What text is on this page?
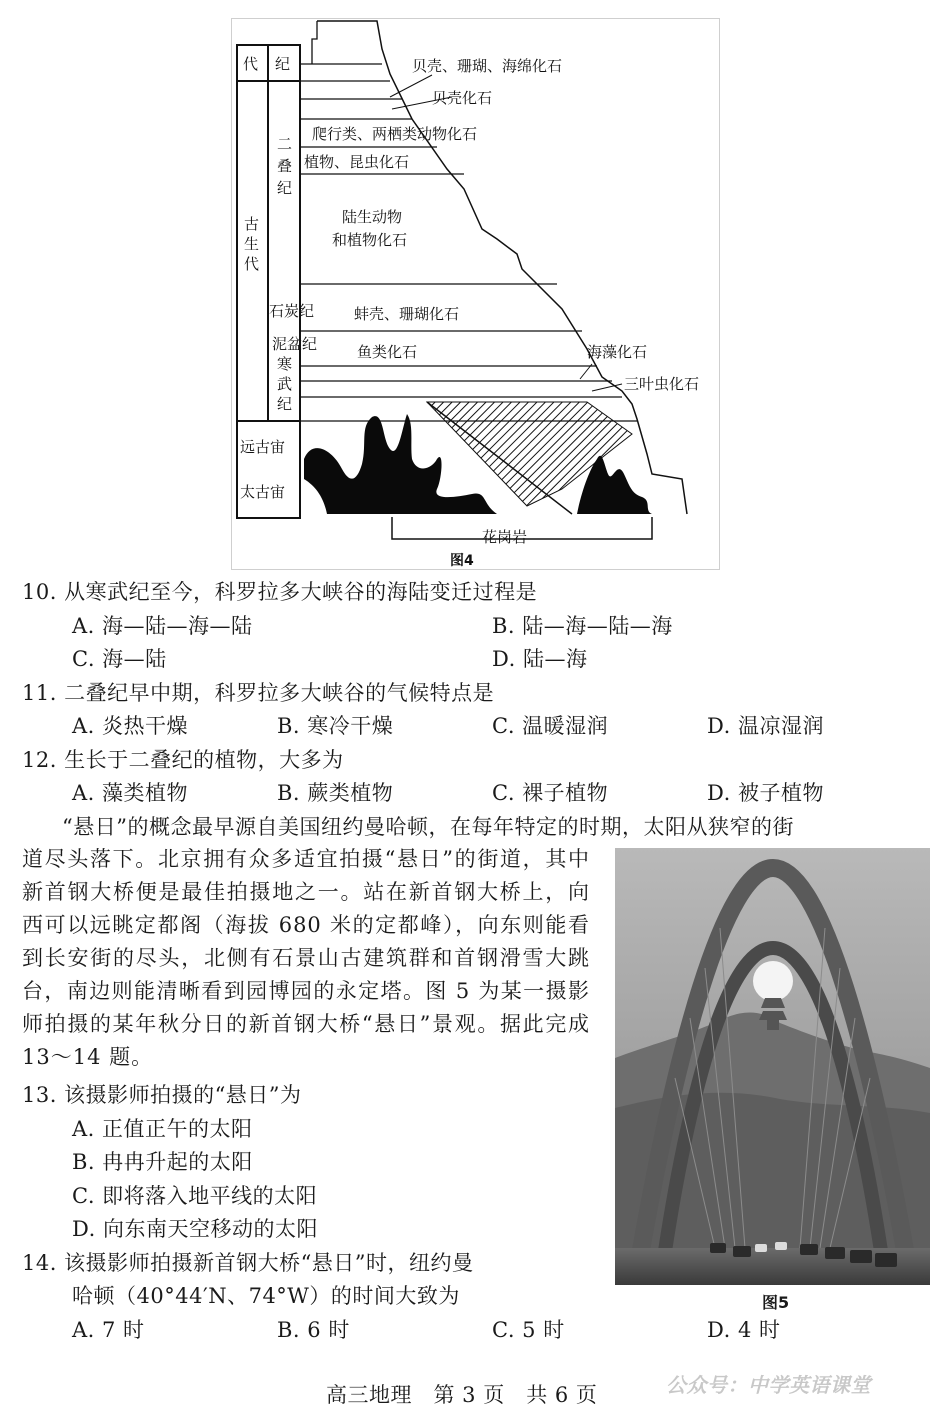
代 纪
古
生
代
二
叠
纪
石炭纪
泥盆纪
寒
武
纪
远古宙
太古宙
贝壳、珊瑚、海绵化石
贝壳化石
爬行类、两栖类动物化石
植物、昆虫化石
陆生动物
和植物化石
蚌壳、珊瑚化石
鱼类化石	海藻化石
三叶虫化石
花岗岩
图4
10. 从寒武纪至今，科罗拉多大峡谷的海陆变迁过程是
A. 海—陆—海—陆	B. 陆—海—陆—海
C. 海—陆	D. 陆—海
11. 二叠纪早中期，科罗拉多大峡谷的气候特点是
A. 炎热干燥	B. 寒冷干燥	C. 温暖湿润	D. 温凉湿润
12. 生长于二叠纪的植物，大多为
A. 藻类植物	B. 蕨类植物	C. 裸子植物	D. 被子植物
“悬日”的概念最早源自美国纽约曼哈顿，在每年特定的时期，太阳从狭窄的街
道尽头落下。北京拥有众多适宜拍摄“悬日”的街道，其中新首钢大桥便是最佳拍摄地之一。站在新首钢大桥上，向西可以远眺定都阁（海拔 680 米的定都峰），向东则能看到长安街的尽头，北侧有石景山古建筑群和首钢滑雪大跳台，南边则能清晰看到园博园的永定塔。图 5 为某一摄影师拍摄的某年秋分日的新首钢大桥“悬日”景观。据此完成 13～14 题。
图5
13. 该摄影师拍摄的“悬日”为
A. 正值正午的太阳
B. 冉冉升起的太阳
C. 即将落入地平线的太阳
D. 向东南天空移动的太阳
14. 该摄影师拍摄新首钢大桥“悬日”时，纽约曼
哈顿（40°44′N、74°W）的时间大致为
A. 7 时	B. 6 时	C. 5 时	D. 4 时
高三地理　第 3 页　共 6 页	公众号：中学英语课堂
